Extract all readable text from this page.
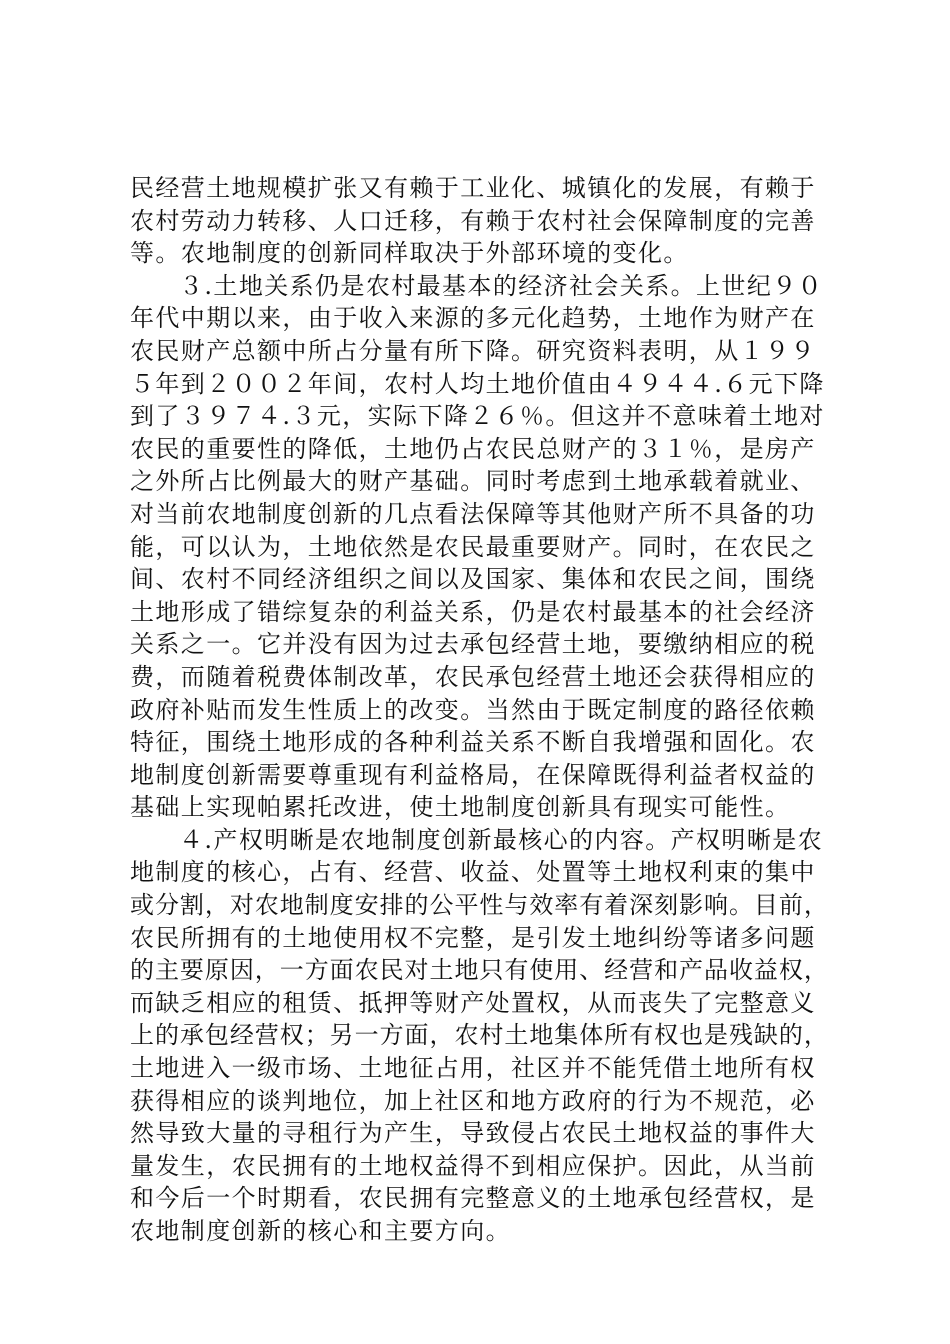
民经营土地规模扩张又有赖于工业化、城镇化的发展，有赖于
农村劳动力转移、人口迁移，有赖于农村社会保障制度的完善
等。农地制度的创新同样取决于外部环境的变化。
３.土地关系仍是农村最基本的经济社会关系。上世纪９０
年代中期以来，由于收入来源的多元化趋势，土地作为财产在
农民财产总额中所占分量有所下降。研究资料表明，从１９９
５年到２００２年间，农村人均土地价值由４９４４.６元下降
到了３９７４.３元，实际下降２６％。但这并不意味着土地对
农民的重要性的降低，土地仍占农民总财产的３１％，是房产
之外所占比例最大的财产基础。同时考虑到土地承载着就业、
对当前农地制度创新的几点看法保障等其他财产所不具备的功
能，可以认为，土地依然是农民最重要财产。同时，在农民之
间、农村不同经济组织之间以及国家、集体和农民之间，围绕
土地形成了错综复杂的利益关系，仍是农村最基本的社会经济
关系之一。它并没有因为过去承包经营土地，要缴纳相应的税
费，而随着税费体制改革，农民承包经营土地还会获得相应的
政府补贴而发生性质上的改变。当然由于既定制度的路径依赖
特征，围绕土地形成的各种利益关系不断自我增强和固化。农
地制度创新需要尊重现有利益格局，在保障既得利益者权益的
基础上实现帕累托改进，使土地制度创新具有现实可能性。
４.产权明晰是农地制度创新最核心的内容。产权明晰是农
地制度的核心，占有、经营、收益、处置等土地权利束的集中
或分割，对农地制度安排的公平性与效率有着深刻影响。目前，
农民所拥有的土地使用权不完整，是引发土地纠纷等诸多问题
的主要原因，一方面农民对土地只有使用、经营和产品收益权，
而缺乏相应的租赁、抵押等财产处置权，从而丧失了完整意义
上的承包经营权；另一方面，农村土地集体所有权也是残缺的，
土地进入一级市场、土地征占用，社区并不能凭借土地所有权
获得相应的谈判地位，加上社区和地方政府的行为不规范，必
然导致大量的寻租行为产生，导致侵占农民土地权益的事件大
量发生，农民拥有的土地权益得不到相应保护。因此，从当前
和今后一个时期看，农民拥有完整意义的土地承包经营权，是
农地制度创新的核心和主要方向。
